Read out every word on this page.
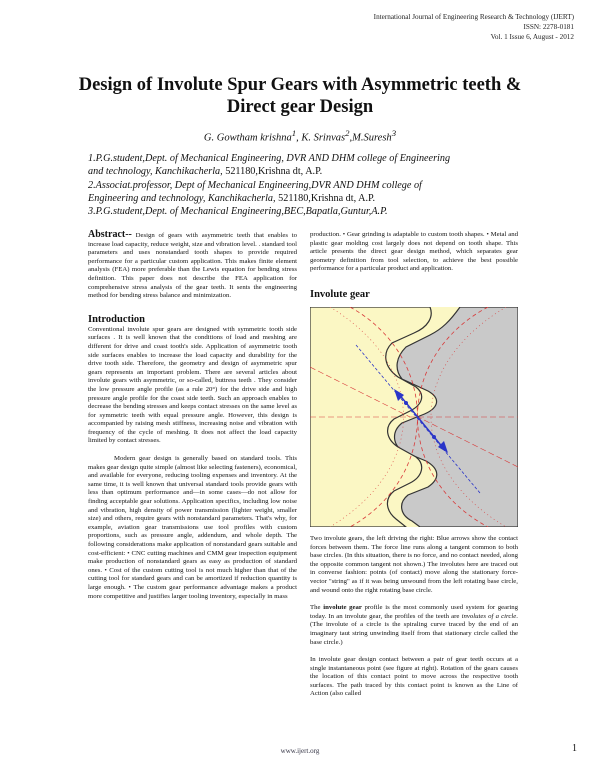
International Journal of Engineering Research & Technology (IJERT)
ISSN: 2278-0181
Vol. 1 Issue 6, August - 2012
Design of Involute Spur Gears with Asymmetric teeth &
Direct gear Design
G. Gowtham krishna$^1$, K. Srinvas$^2$,M.Suresh$^3$

1.P.G.student,Dept. of Mechanical Engineering, DVR AND DHM college of Engineering

and technology, Kanchikacherla, 521180,Krishna dt, A.P.

2.Associat.professor, Dept of Mechanical Engineering,DVR AND DHM college of

Engineering and technology, Kanchikacherla, 521180,Krishna dt, A.P.

3.P.G.student,Dept. of Mechanical Engineering,BEC,Bapatla,Guntur,A.P.

Abstract-- Design of gears with asymmetric teeth that enables to increase load capacity, reduce weight, size and vibration level. . standard tool parameters and uses nonstandard tooth shapes to provide required performance for a particular custom application. This makes finite element analysis (FEA) more preferable than the Lewis equation for bending stress definition. This paper does not describe the FEA application for comprehensive stress analysis of the gear teeth. It sents the engineering method for bending stress balance and minimization.

Introduction

Conventional involute spur gears are designed with symmetric tooth side surfaces . It is well known that the conditions of load and meshing are different for drive and coast tooth's side. Application of asymmetric tooth side surfaces enables to increase the load capacity and durability for the drive tooth side. Therefore, the geometry and design of asymmetric spur gears represents an important problem. There are several articles about involute gears with asymmetric, or so-called, buttress teeth . They consider the low pressure angle profile (as a rule 20°) for the drive side and high pressure angle profile for the coast side teeth. Such an approach enables to decrease the bending stresses and keeps contact stresses on the same level as for symmetric teeth with equal pressure angle. However, this design is accompanied by raising mesh stiffness, increasing noise and vibration with frequency of the cycle of meshing. It does not affect the load capacity limited by contact stresses.

Modern gear design is generally based on standard tools. This makes gear design quite simple (almost like selecting fasteners), economical, and available for everyone, reducing tooling expenses and inventory. At the same time, it is well known that universal standard tools provide gears with less than optimum performance and—in some cases—do not allow for finding acceptable gear solutions. Application specifics, including low noise and vibration, high density of power transmission (lighter weight, smaller size) and others, require gears with nonstandard parameters. That's why, for example, aviation gear transmissions use tool profiles with custom proportions, such as pressure angle, addendum, and whole depth. The following considerations make application of nonstandard gears suitable and cost-efficient: • CNC cutting machines and CMM gear inspection equipment make production of nonstandard gears as easy as production of standard ones. • Cost of the custom cutting tool is not much higher than that of the cutting tool for standard gears and can be amortized if reduction quantity is large enough. • The custom gear performance advantage makes a product more competitive and justifies larger tooling inventory, especially in mass

production. • Gear grinding is adaptable to custom tooth shapes. • Metal and plastic gear molding cost largely does not depend on tooth shape. This article presents the direct gear design method, which separates gear geometry definition from tool selection, to achieve the best possible performance for a particular product and application.

Involute gear

Two involute gears, the left driving the right: Blue arrows show the contact forces between them. The force line runs along a tangent common to both base circles. (In this situation, there is no force, and no contact needed, along the opposite common tangent not shown.) The involutes here are traced out in converse fashion: points (of contact) move along the stationary force-vector "string" as if it was being unwound from the left rotating base circle, and wound onto the right rotating base circle.

The involute gear profile is the most commonly used system for gearing today. In an involute gear, the profiles of the teeth are involutes of a circle. (The involute of a circle is the spiraling curve traced by the end of an imaginary taut string unwinding itself from that stationary circle called the base circle.)

In involute gear design contact between a pair of gear teeth occurs at a single instantaneous point (see figure at right). Rotation of the gears causes the location of this contact point to move across the respective tooth surfaces. The path traced by this contact point is known as the Line of Action (also called

www.ijert.org	1
